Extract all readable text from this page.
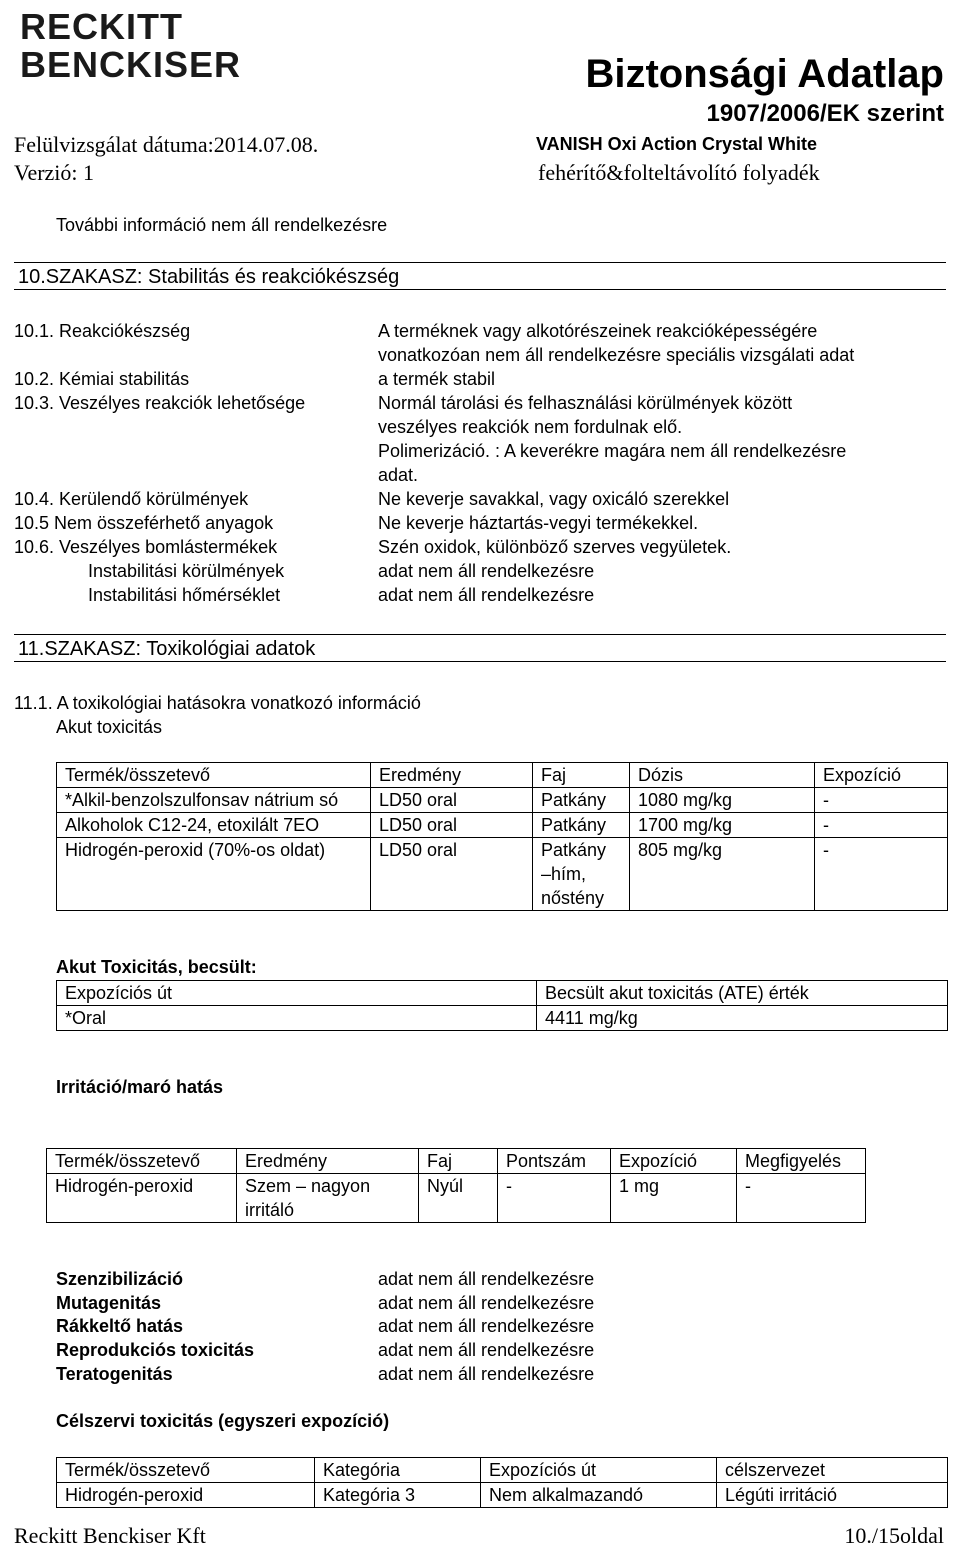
RECKITT
BENCKISER	Biztonsági Adatlap
1907/2006/EK szerint
Felülvizsgálat dátuma:2014.07.08.
Verzió: 1
VANISH Oxi Action Crystal White
fehérítő&folteltávolító folyadék
További információ nem áll rendelkezésre
10.SZAKASZ: Stabilitás és reakciókészség
10.1. Reakciókészség	A terméknek vagy alkotórészeinek reakcióképességére
vonatkozóan nem áll rendelkezésre speciális vizsgálati adat
10.2. Kémiai stabilitás	a termék stabil
10.3. Veszélyes reakciók lehetősége	Normál tárolási és felhasználási körülmények között
veszélyes reakciók nem fordulnak elő.
Polimerizáció. : A keverékre magára nem áll rendelkezésre
adat.
10.4. Kerülendő körülmények	Ne keverje savakkal, vagy oxicáló szerekkel
10.5 Nem összeférhető anyagok	Ne keverje háztartás-vegyi termékekkel.
10.6. Veszélyes bomlástermékek	Szén oxidok, különböző szerves vegyületek.
Instabilitási körülmények	adat nem áll rendelkezésre
Instabilitási hőmérséklet	adat nem áll rendelkezésre
11.SZAKASZ: Toxikológiai adatok
11.1. A toxikológiai hatásokra vonatkozó információ
Akut toxicitás
Termék/összetevő	Eredmény	Faj	Dózis	Expozíció
*Alkil-benzolszulfonsav nátrium só	LD50 oral	Patkány	1080 mg/kg	-
Alkoholok C12-24, etoxilált 7EO	LD50 oral	Patkány	1700 mg/kg	-
Hidrogén-peroxid (70%-os oldat)	LD50 oral	Patkány –hím, nőstény	805 mg/kg	-
Akut Toxicitás, becsült:
Expozíciós út	Becsült akut toxicitás (ATE) érték
*Oral	4411 mg/kg
Irritáció/maró hatás
Termék/összetevő	Eredmény	Faj	Pontszám	Expozíció	Megfigyelés
Hidrogén-peroxid	Szem – nagyon irritáló	Nyúl	-	1 mg	-
Szenzibilizáció	adat nem áll rendelkezésre
Mutagenitás	adat nem áll rendelkezésre
Rákkeltő hatás	adat nem áll rendelkezésre
Reprodukciós toxicitás	adat nem áll rendelkezésre
Teratogenitás	adat nem áll rendelkezésre
Célszervi toxicitás (egyszeri expozíció)
Termék/összetevő	Kategória	Expozíciós út	célszervezet
Hidrogén-peroxid	Kategória 3	Nem alkalmazandó	Légúti irritáció
Reckitt Benckiser Kft	10./15oldal
